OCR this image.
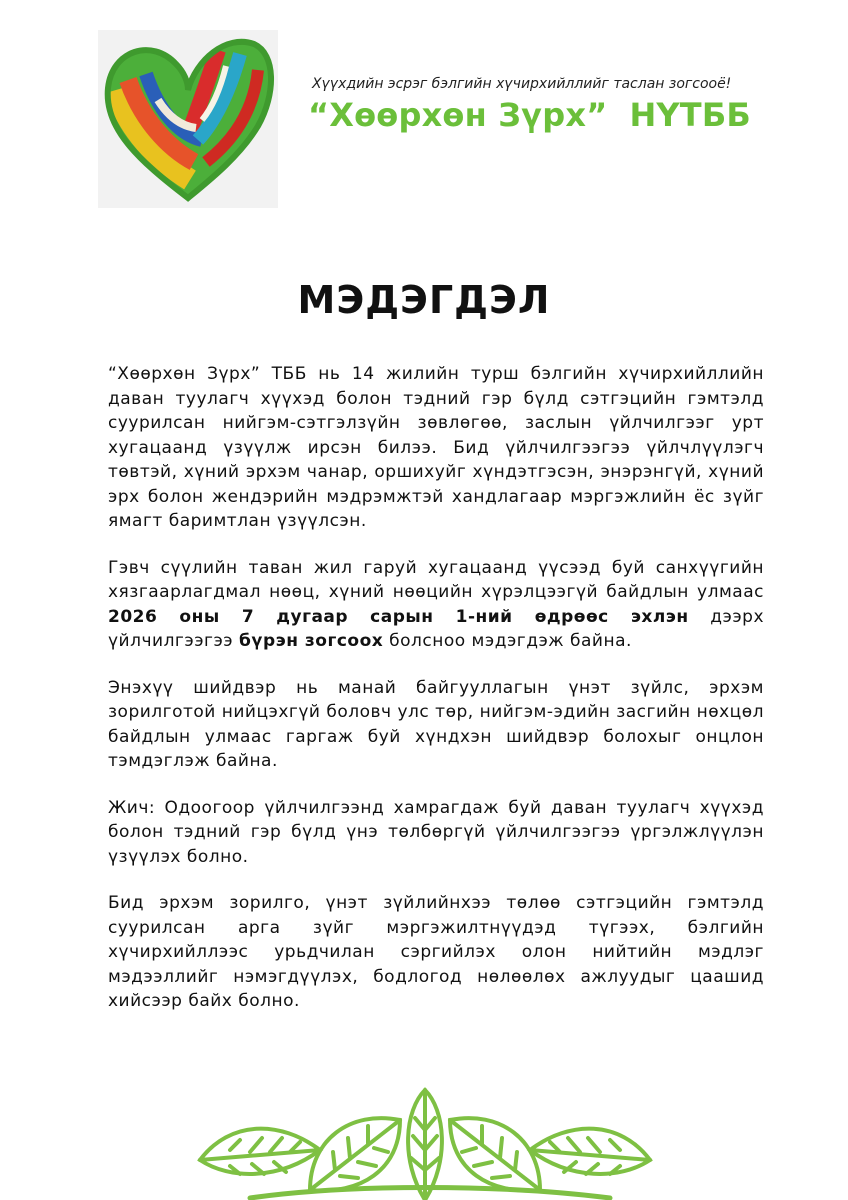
Хүүхдийн эсрэг бэлгийн хүчирхийллийг таслан зогсооё!
“Хөөрхөн Зүрх” НҮТББ
МЭДЭГДЭЛ

“Хөөрхөн Зүрх” ТББ нь 14 жилийн турш бэлгийн хүчирхийллийн даван туулагч хүүхэд болон тэдний гэр бүлд сэтгэцийн гэмтэлд суурилсан нийгэм-сэтгэлзүйн зөвлөгөө, заслын үйлчилгээг урт хугацаанд үзүүлж ирсэн билээ. Бид үйлчилгээгээ үйлчлүүлэгч төвтэй, хүний эрхэм чанар, оршихуйг хүндэтгэсэн, энэрэнгүй, хүний эрх болон жендэрийн мэдрэмжтэй хандлагаар мэргэжлийн ёс зүйг ямагт баримтлан үзүүлсэн.

Гэвч сүүлийн таван жил гаруй хугацаанд үүсээд буй санхүүгийн хязгаарлагдмал нөөц, хүний нөөцийн хүрэлцээгүй байдлын улмаас 2026 оны 7 дугаар сарын 1-ний өдрөөс эхлэн дээрх үйлчилгээгээ бүрэн зогсоох болсноо мэдэгдэж байна.

Энэхүү шийдвэр нь манай байгууллагын үнэт зүйлс, эрхэм зорилготой нийцэхгүй боловч улс төр, нийгэм-эдийн засгийн нөхцөл байдлын улмаас гаргаж буй хүндхэн шийдвэр болохыг онцлон тэмдэглэж байна.

Жич: Одоогоор үйлчилгээнд хамрагдаж буй даван туулагч хүүхэд болон тэдний гэр бүлд үнэ төлбөргүй үйлчилгээгээ үргэлжлүүлэн үзүүлэх болно.

Бид эрхэм зорилго, үнэт зүйлийнхээ төлөө сэтгэцийн гэмтэлд суурилсан арга зүйг мэргэжилтнүүдэд түгээх, бэлгийн хүчирхийллээс урьдчилан сэргийлэх олон нийтийн мэдлэг мэдээллийг нэмэгдүүлэх, бодлогод нөлөөлөх ажлуудыг цаашид хийсээр байх болно.
